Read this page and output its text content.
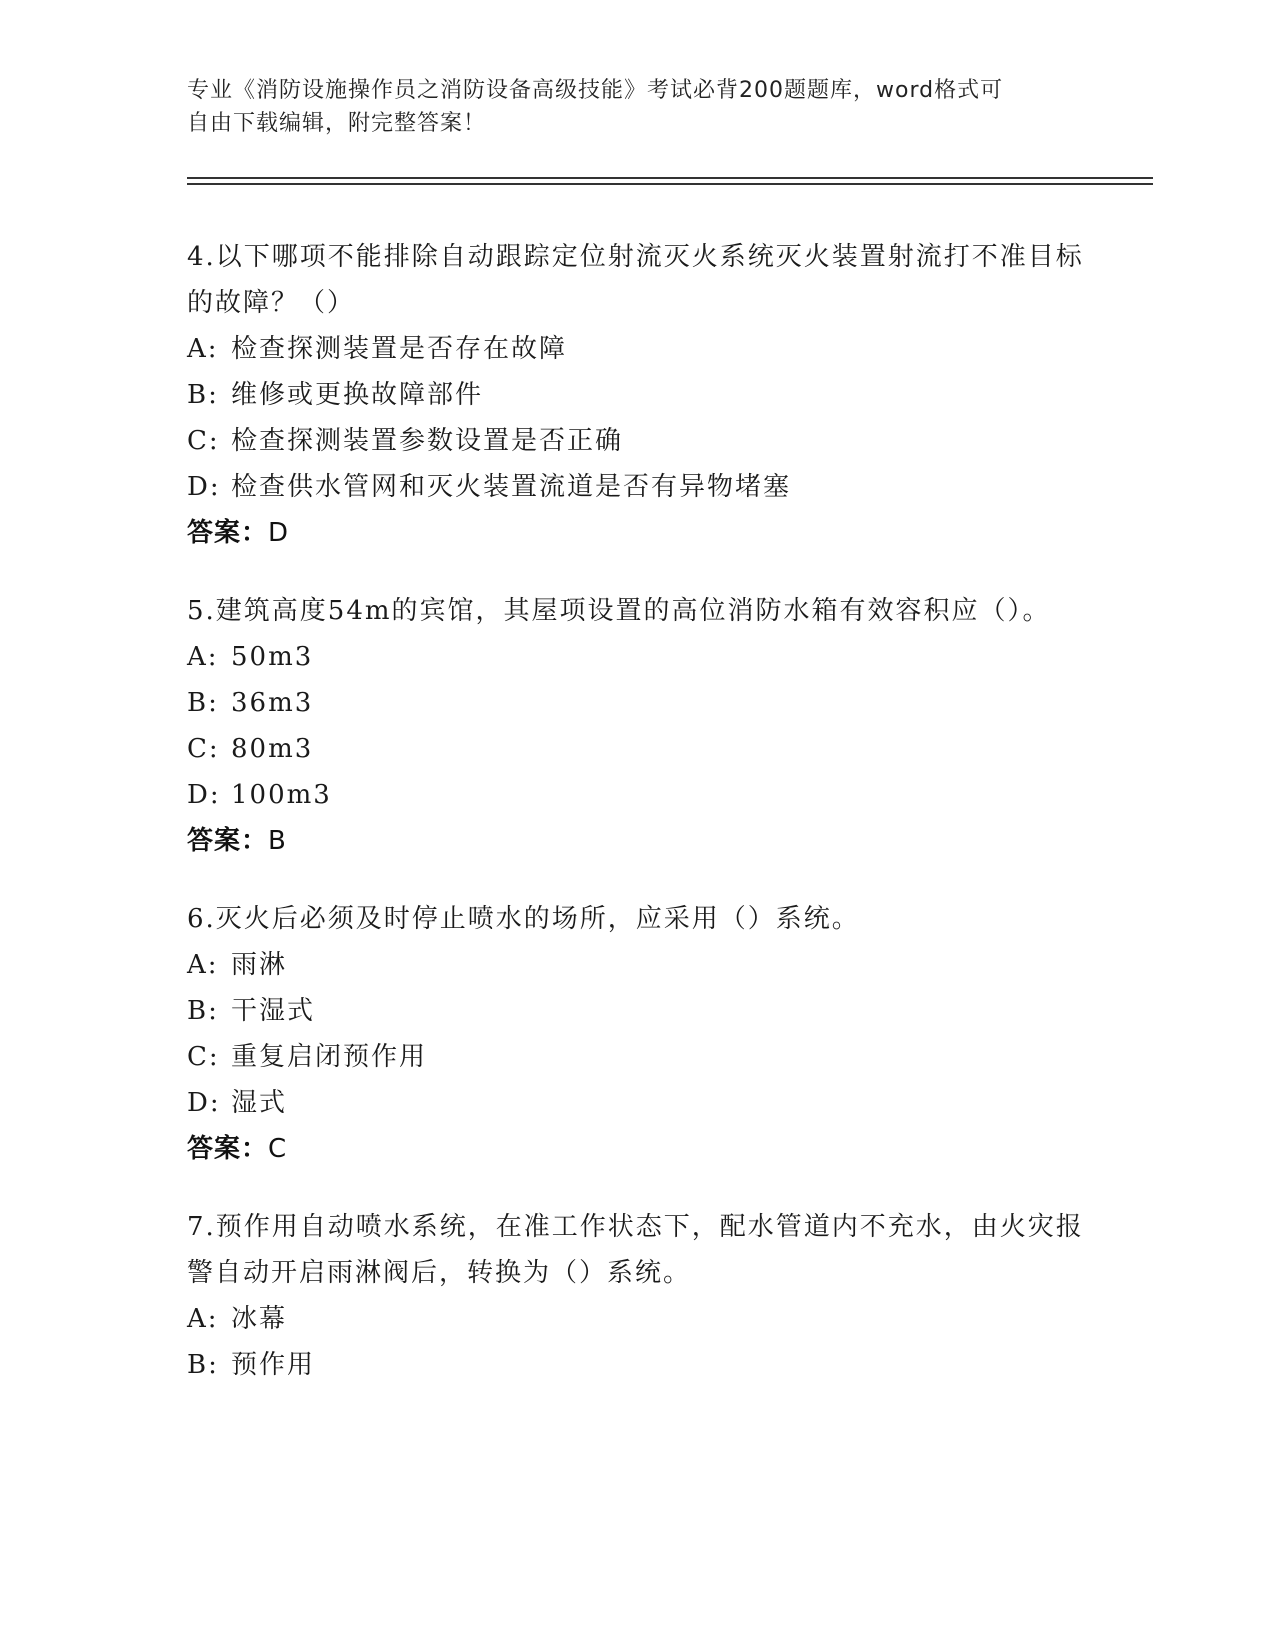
专业《消防设施操作员之消防设备高级技能》考试必背200题题库，word格式可
自由下载编辑，附完整答案！

4.以下哪项不能排除自动跟踪定位射流灭火系统灭火装置射流打不准目标的故障？（）

A: 检查探测装置是否存在故障
B: 维修或更换故障部件
C: 检查探测装置参数设置是否正确
D: 检查供水管网和灭火装置流道是否有异物堵塞
答案：D

5.建筑高度54m的宾馆，其屋项设置的高位消防水箱有效容积应（）。

A: 50m3
B: 36m3
C: 80m3
D: 100m3
答案：B

6.灭火后必须及时停止喷水的场所，应采用（）系统。

A: 雨淋
B: 干湿式
C: 重复启闭预作用
D: 湿式
答案：C

7.预作用自动喷水系统，在准工作状态下，配水管道内不充水，由火灾报警自动开启雨淋阀后，转换为（）系统。

A: 冰幕
B: 预作用
